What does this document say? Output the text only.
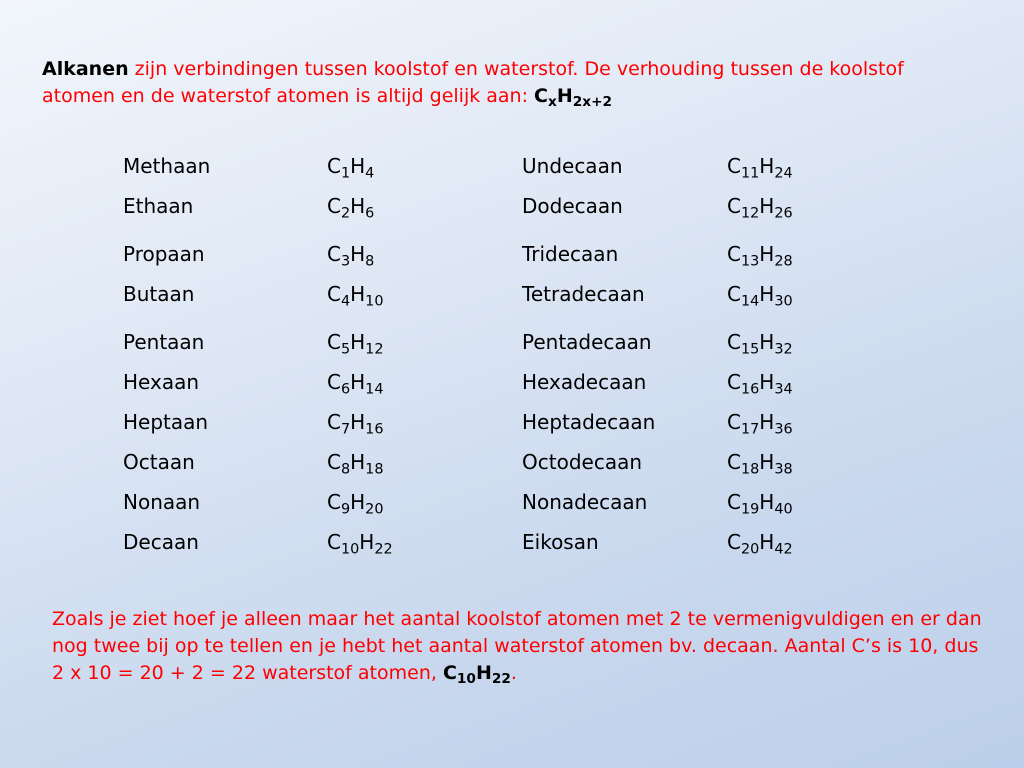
Alkanen zijn verbindingen tussen koolstof en waterstof. De verhouding tussen de koolstof atomen en de waterstof atomen is altijd gelijk aan: $C_xH_{2x+2}$
Methaan	$C_1H_4$	Undecaan	$C_{11}H_{24}$
Ethaan	$C_2H_6$	Dodecaan	$C_{12}H_{26}$
Propaan	$C_3H_8$	Tridecaan	$C_{13}H_{28}$
Butaan	$C_4H_{10}$	Tetradecaan	$C_{14}H_{30}$
Pentaan	$C_5H_{12}$	Pentadecaan	$C_{15}H_{32}$
Hexaan	$C_6H_{14}$	Hexadecaan	$C_{16}H_{34}$
Heptaan	$C_7H_{16}$	Heptadecaan	$C_{17}H_{36}$
Octaan	$C_8H_{18}$	Octodecaan	$C_{18}H_{38}$
Nonaan	$C_9H_{20}$	Nonadecaan	$C_{19}H_{40}$
Decaan	$C_{10}H_{22}$	Eikosan	$C_{20}H_{42}$
Zoals je ziet hoef je alleen maar het aantal koolstof atomen met 2 te vermenigvuldigen en er dan nog twee bij op te tellen en je hebt het aantal waterstof atomen bv. decaan. Aantal C’s is 10, dus 2 x 10 = 20 + 2 = 22 waterstof atomen, $C_{10}H_{22}$.
